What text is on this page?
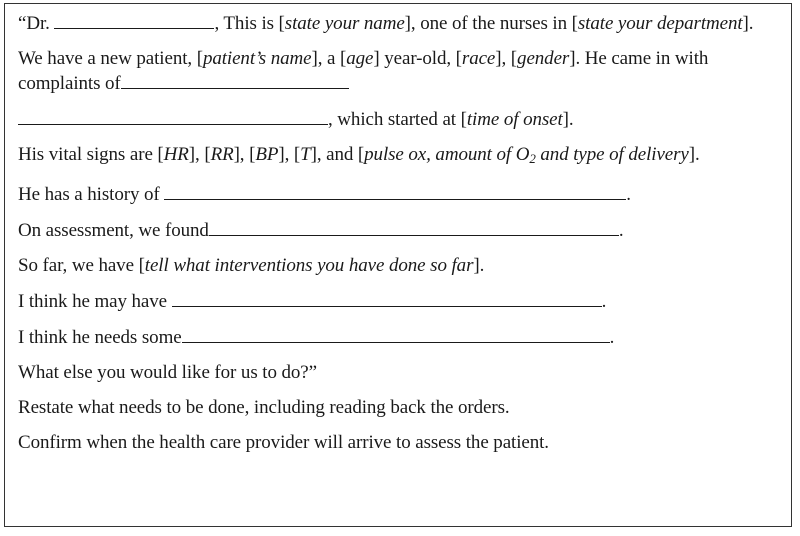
“Dr.	, This is [state your name], one of the nurses in [state your department].

We have a new patient, [patient’s name], a [age] year-old, [race], [gender]. He came in with complaints of

, which started at [time of onset].

His vital signs are [HR], [RR], [BP], [T], and [pulse ox, amount of $O_2$ and type of delivery].

He has a history of	.

On assessment, we found	.

So far, we have [tell what interventions you have done so far].

I think he may have	.

I think he needs some	.

What else you would like for us to do?”

Restate what needs to be done, including reading back the orders.

Confirm when the health care provider will arrive to assess the patient.
